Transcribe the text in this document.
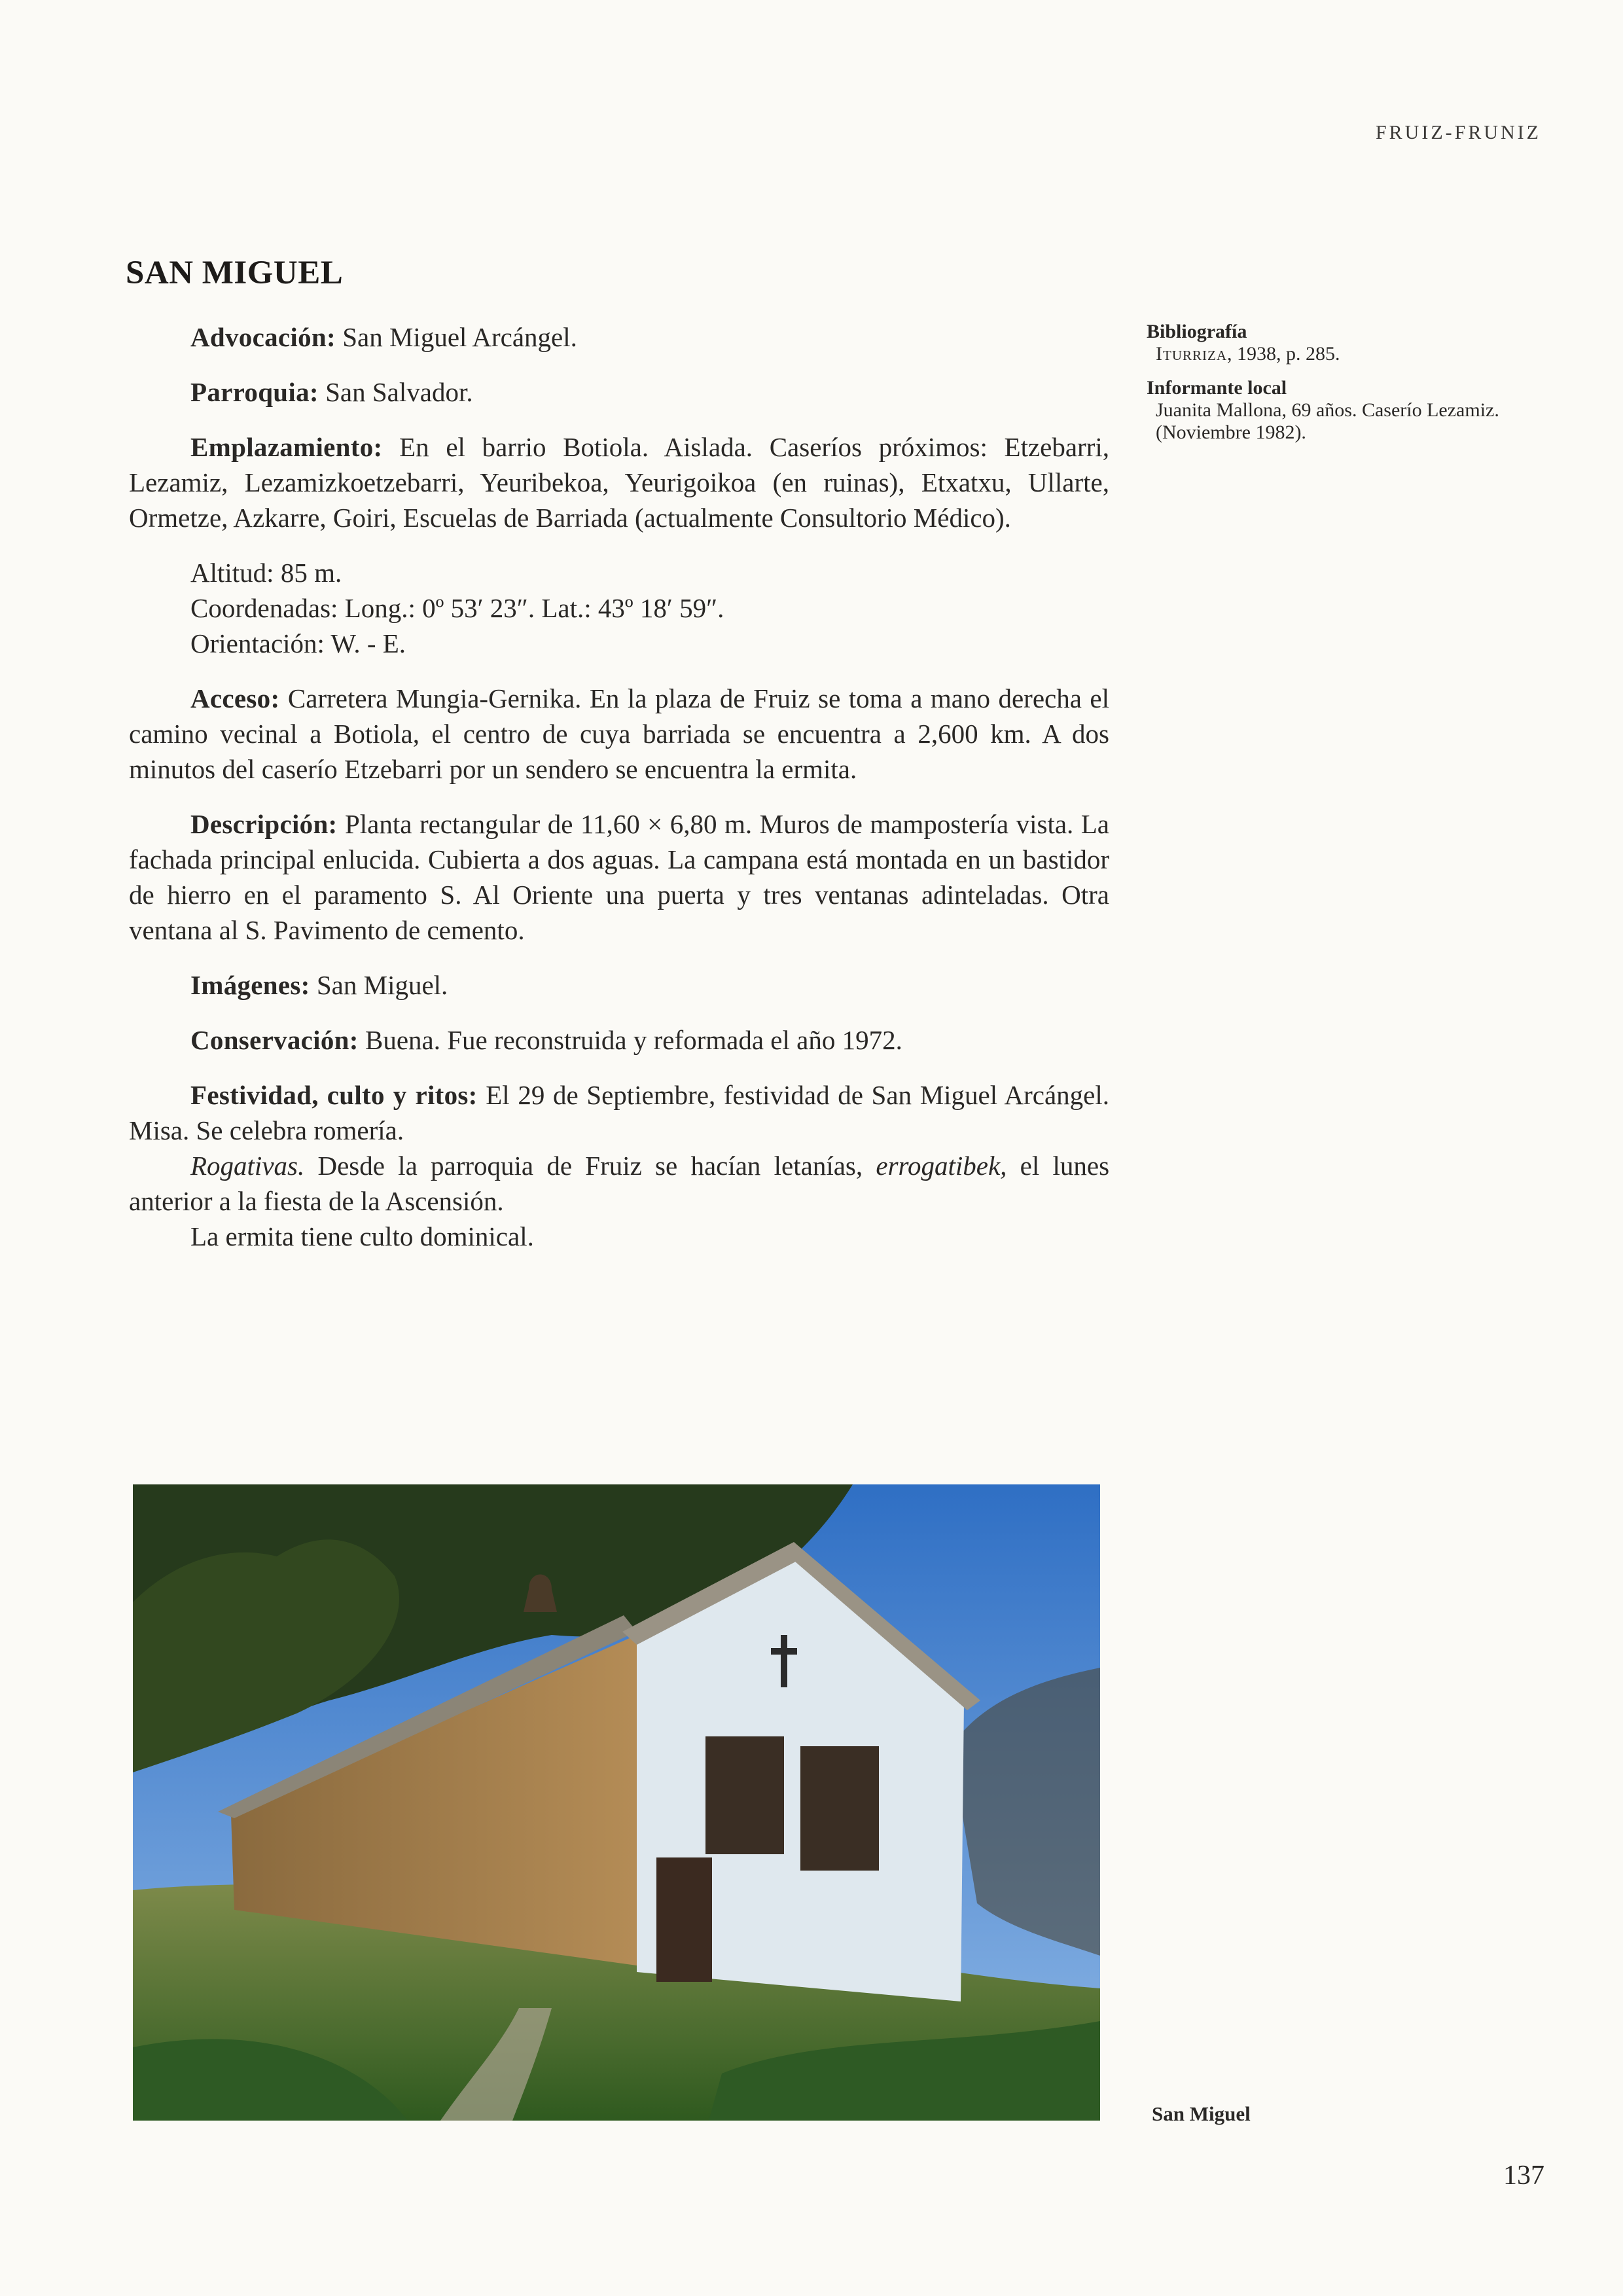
FRUIZ-FRUNIZ
SAN MIGUEL

Advocación: San Miguel Arcángel.

Parroquia: San Salvador.

Emplazamiento: En el barrio Botiola. Aislada. Caseríos próximos: Etzebarri, Lezamiz, Lezamizkoetzebarri, Yeuribekoa, Yeurigoikoa (en ruinas), Etxatxu, Ullarte, Ormetze, Azkarre, Goiri, Escuelas de Barriada (actualmente Consultorio Médico).

Altitud: 85 m.

Coordenadas: Long.: 0º 53′ 23″. Lat.: 43º 18′ 59″.

Orientación: W. - E.

Acceso: Carretera Mungia-Gernika. En la plaza de Fruiz se toma a mano derecha el camino vecinal a Botiola, el centro de cuya barriada se encuentra a 2,600 km. A dos minutos del caserío Etzebarri por un sendero se encuentra la ermita.

Descripción: Planta rectangular de 11,60 × 6,80 m. Muros de mampostería vista. La fachada principal enlucida. Cubierta a dos aguas. La campana está montada en un bastidor de hierro en el paramento S. Al Oriente una puerta y tres ventanas adinteladas. Otra ventana al S. Pavimento de cemento.

Imágenes: San Miguel.

Conservación: Buena. Fue reconstruida y reformada el año 1972.

Festividad, culto y ritos: El 29 de Septiembre, festividad de San Miguel Arcángel. Misa. Se celebra romería.

Rogativas. Desde la parroquia de Fruiz se hacían letanías, errogatibek, el lunes anterior a la fiesta de la Ascensión.

La ermita tiene culto dominical.

Bibliografía
Iturriza, 1938, p. 285.
Informante local
Juanita Mallona, 69 años. Caserío Lezamiz. (Noviembre 1982).
San Miguel
137
